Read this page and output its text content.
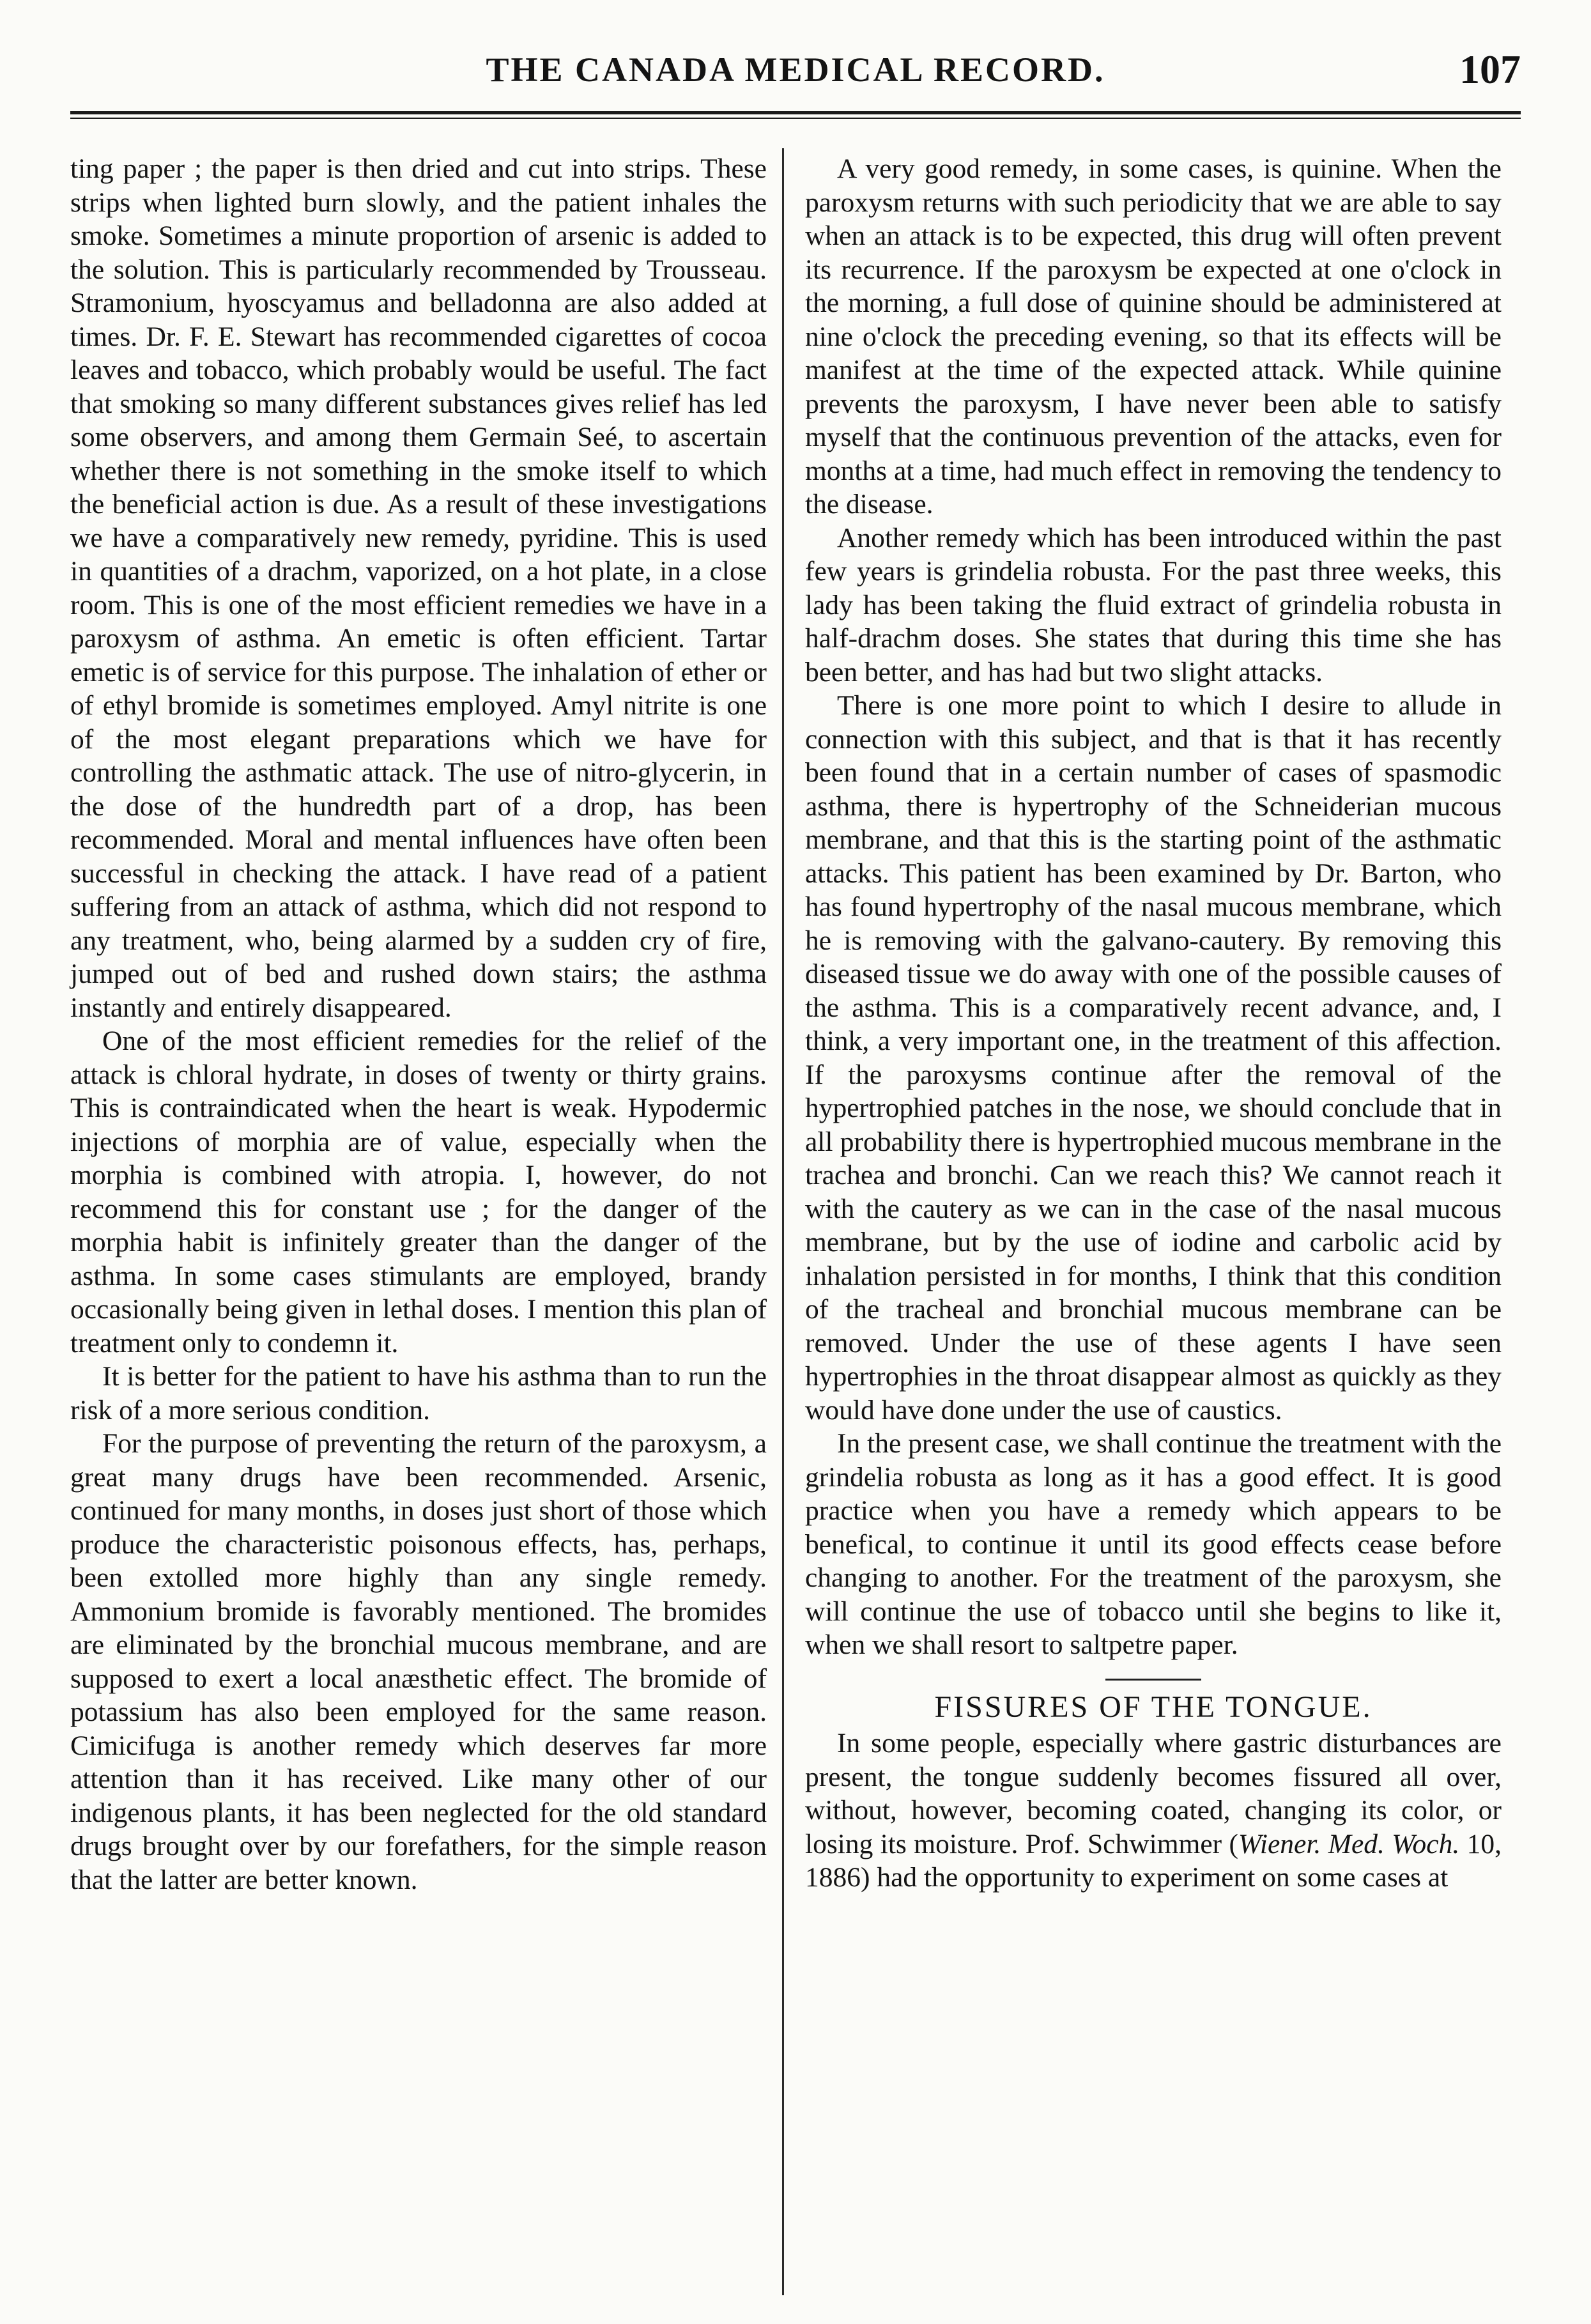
THE CANADA MEDICAL RECORD.	107

ting paper ; the paper is then dried and cut into strips. These strips when lighted burn slowly, and the patient inhales the smoke. Sometimes a minute proportion of arsenic is added to the solution. This is particularly recommended by Trousseau. Stramonium, hyoscyamus and belladonna are also added at times. Dr. F. E. Stewart has recommended cigarettes of cocoa leaves and tobacco, which probably would be useful. The fact that smoking so many different substances gives relief has led some observers, and among them Germain Seé, to ascertain whether there is not something in the smoke itself to which the beneficial action is due. As a result of these investigations we have a comparatively new remedy, pyridine. This is used in quantities of a drachm, vaporized, on a hot plate, in a close room. This is one of the most efficient remedies we have in a paroxysm of asthma. An emetic is often efficient. Tartar emetic is of service for this purpose. The inhalation of ether or of ethyl bromide is sometimes employed. Amyl nitrite is one of the most elegant preparations which we have for controlling the asthmatic attack. The use of nitro-glycerin, in the dose of the hundredth part of a drop, has been recommended. Moral and mental influences have often been successful in checking the attack. I have read of a patient suffering from an attack of asthma, which did not respond to any treatment, who, being alarmed by a sudden cry of fire, jumped out of bed and rushed down stairs; the asthma instantly and entirely disappeared.

One of the most efficient remedies for the relief of the attack is chloral hydrate, in doses of twenty or thirty grains. This is contraindicated when the heart is weak. Hypodermic injections of morphia are of value, especially when the morphia is combined with atropia. I, however, do not recommend this for constant use ; for the danger of the morphia habit is infinitely greater than the danger of the asthma. In some cases stimulants are employed, brandy occasionally being given in lethal doses. I mention this plan of treatment only to condemn it.

It is better for the patient to have his asthma than to run the risk of a more serious condition.

For the purpose of preventing the return of the paroxysm, a great many drugs have been recommended. Arsenic, continued for many months, in doses just short of those which produce the characteristic poisonous effects, has, perhaps, been extolled more highly than any single remedy. Ammonium bromide is favorably mentioned. The bromides are eliminated by the bronchial mucous membrane, and are supposed to exert a local anæsthetic effect. The bromide of potassium has also been employed for the same reason. Cimicifuga is another remedy which deserves far more attention than it has received. Like many other of our indigenous plants, it has been neglected for the old standard drugs brought over by our forefathers, for the simple reason that the latter are better known.

A very good remedy, in some cases, is quinine. When the paroxysm returns with such periodicity that we are able to say when an attack is to be expected, this drug will often prevent its recurrence. If the paroxysm be expected at one o'clock in the morning, a full dose of quinine should be administered at nine o'clock the preceding evening, so that its effects will be manifest at the time of the expected attack. While quinine prevents the paroxysm, I have never been able to satisfy myself that the continuous prevention of the attacks, even for months at a time, had much effect in removing the tendency to the disease.

Another remedy which has been introduced within the past few years is grindelia robusta. For the past three weeks, this lady has been taking the fluid extract of grindelia robusta in half-drachm doses. She states that during this time she has been better, and has had but two slight attacks.

There is one more point to which I desire to allude in connection with this subject, and that is that it has recently been found that in a certain number of cases of spasmodic asthma, there is hypertrophy of the Schneiderian mucous membrane, and that this is the starting point of the asthmatic attacks. This patient has been examined by Dr. Barton, who has found hypertrophy of the nasal mucous membrane, which he is removing with the galvano-cautery. By removing this diseased tissue we do away with one of the possible causes of the asthma. This is a comparatively recent advance, and, I think, a very important one, in the treatment of this affection. If the paroxysms continue after the removal of the hypertrophied patches in the nose, we should conclude that in all probability there is hypertrophied mucous membrane in the trachea and bronchi. Can we reach this? We cannot reach it with the cautery as we can in the case of the nasal mucous membrane, but by the use of iodine and carbolic acid by inhalation persisted in for months, I think that this condition of the tracheal and bronchial mucous membrane can be removed. Under the use of these agents I have seen hypertrophies in the throat disappear almost as quickly as they would have done under the use of caustics.

In the present case, we shall continue the treatment with the grindelia robusta as long as it has a good effect. It is good practice when you have a remedy which appears to be benefical, to continue it until its good effects cease before changing to another. For the treatment of the paroxysm, she will continue the use of tobacco until she begins to like it, when we shall resort to saltpetre paper.

FISSURES OF THE TONGUE.

In some people, especially where gastric disturbances are present, the tongue suddenly becomes fissured all over, without, however, becoming coated, changing its color, or losing its moisture. Prof. Schwimmer (Wiener. Med. Woch. 10, 1886) had the opportunity to experiment on some cases at
